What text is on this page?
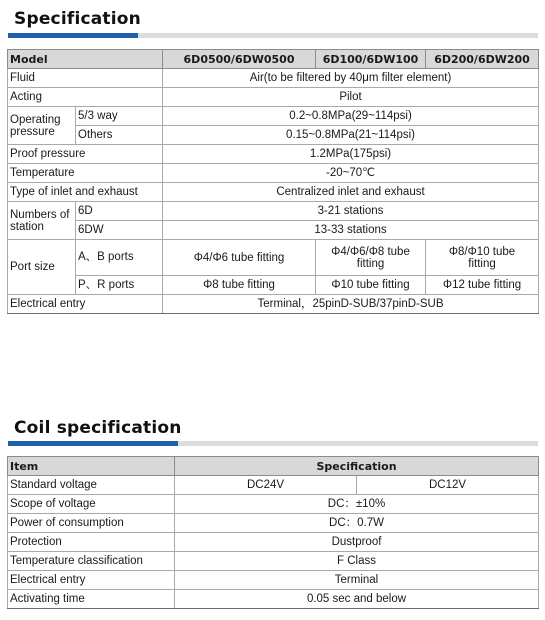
Specification
Model		6D0500/6DW0500	6D100/6DW100	6D200/6DW200
Fluid		Air(to be filtered by 40μm filter element)		
Acting		Pilot		
Operating pressure	5/3 way	0.2~0.8MPa(29~114psi)		
	Others	0.15~0.8MPa(21~114psi)		
Proof pressure		1.2MPa(175psi)		
Temperature		-20~70℃		
Type of inlet and exhaust		Centralized inlet and exhaust		
Numbers of station	6D	3-21 stations		
	6DW	13-33 stations		
Port size	A、B ports	Φ4/Φ6 tube fitting	Φ4/Φ6/Φ8 tube fitting	Φ8/Φ10 tube fitting
	P、R ports	Φ8 tube fitting	Φ10 tube fitting	Φ12 tube fitting
Electrical entry		Terminal，25pinD-SUB/37pinD-SUB		
Coil specification
Item	Specification	
Standard voltage	DC24V	DC12V
Scope of voltage	DC：±10%	
Power of consumption	DC：0.7W	
Protection	Dustproof	
Temperature classification	F Class	
Electrical entry	Terminal	
Activating time	0.05 sec and below	
